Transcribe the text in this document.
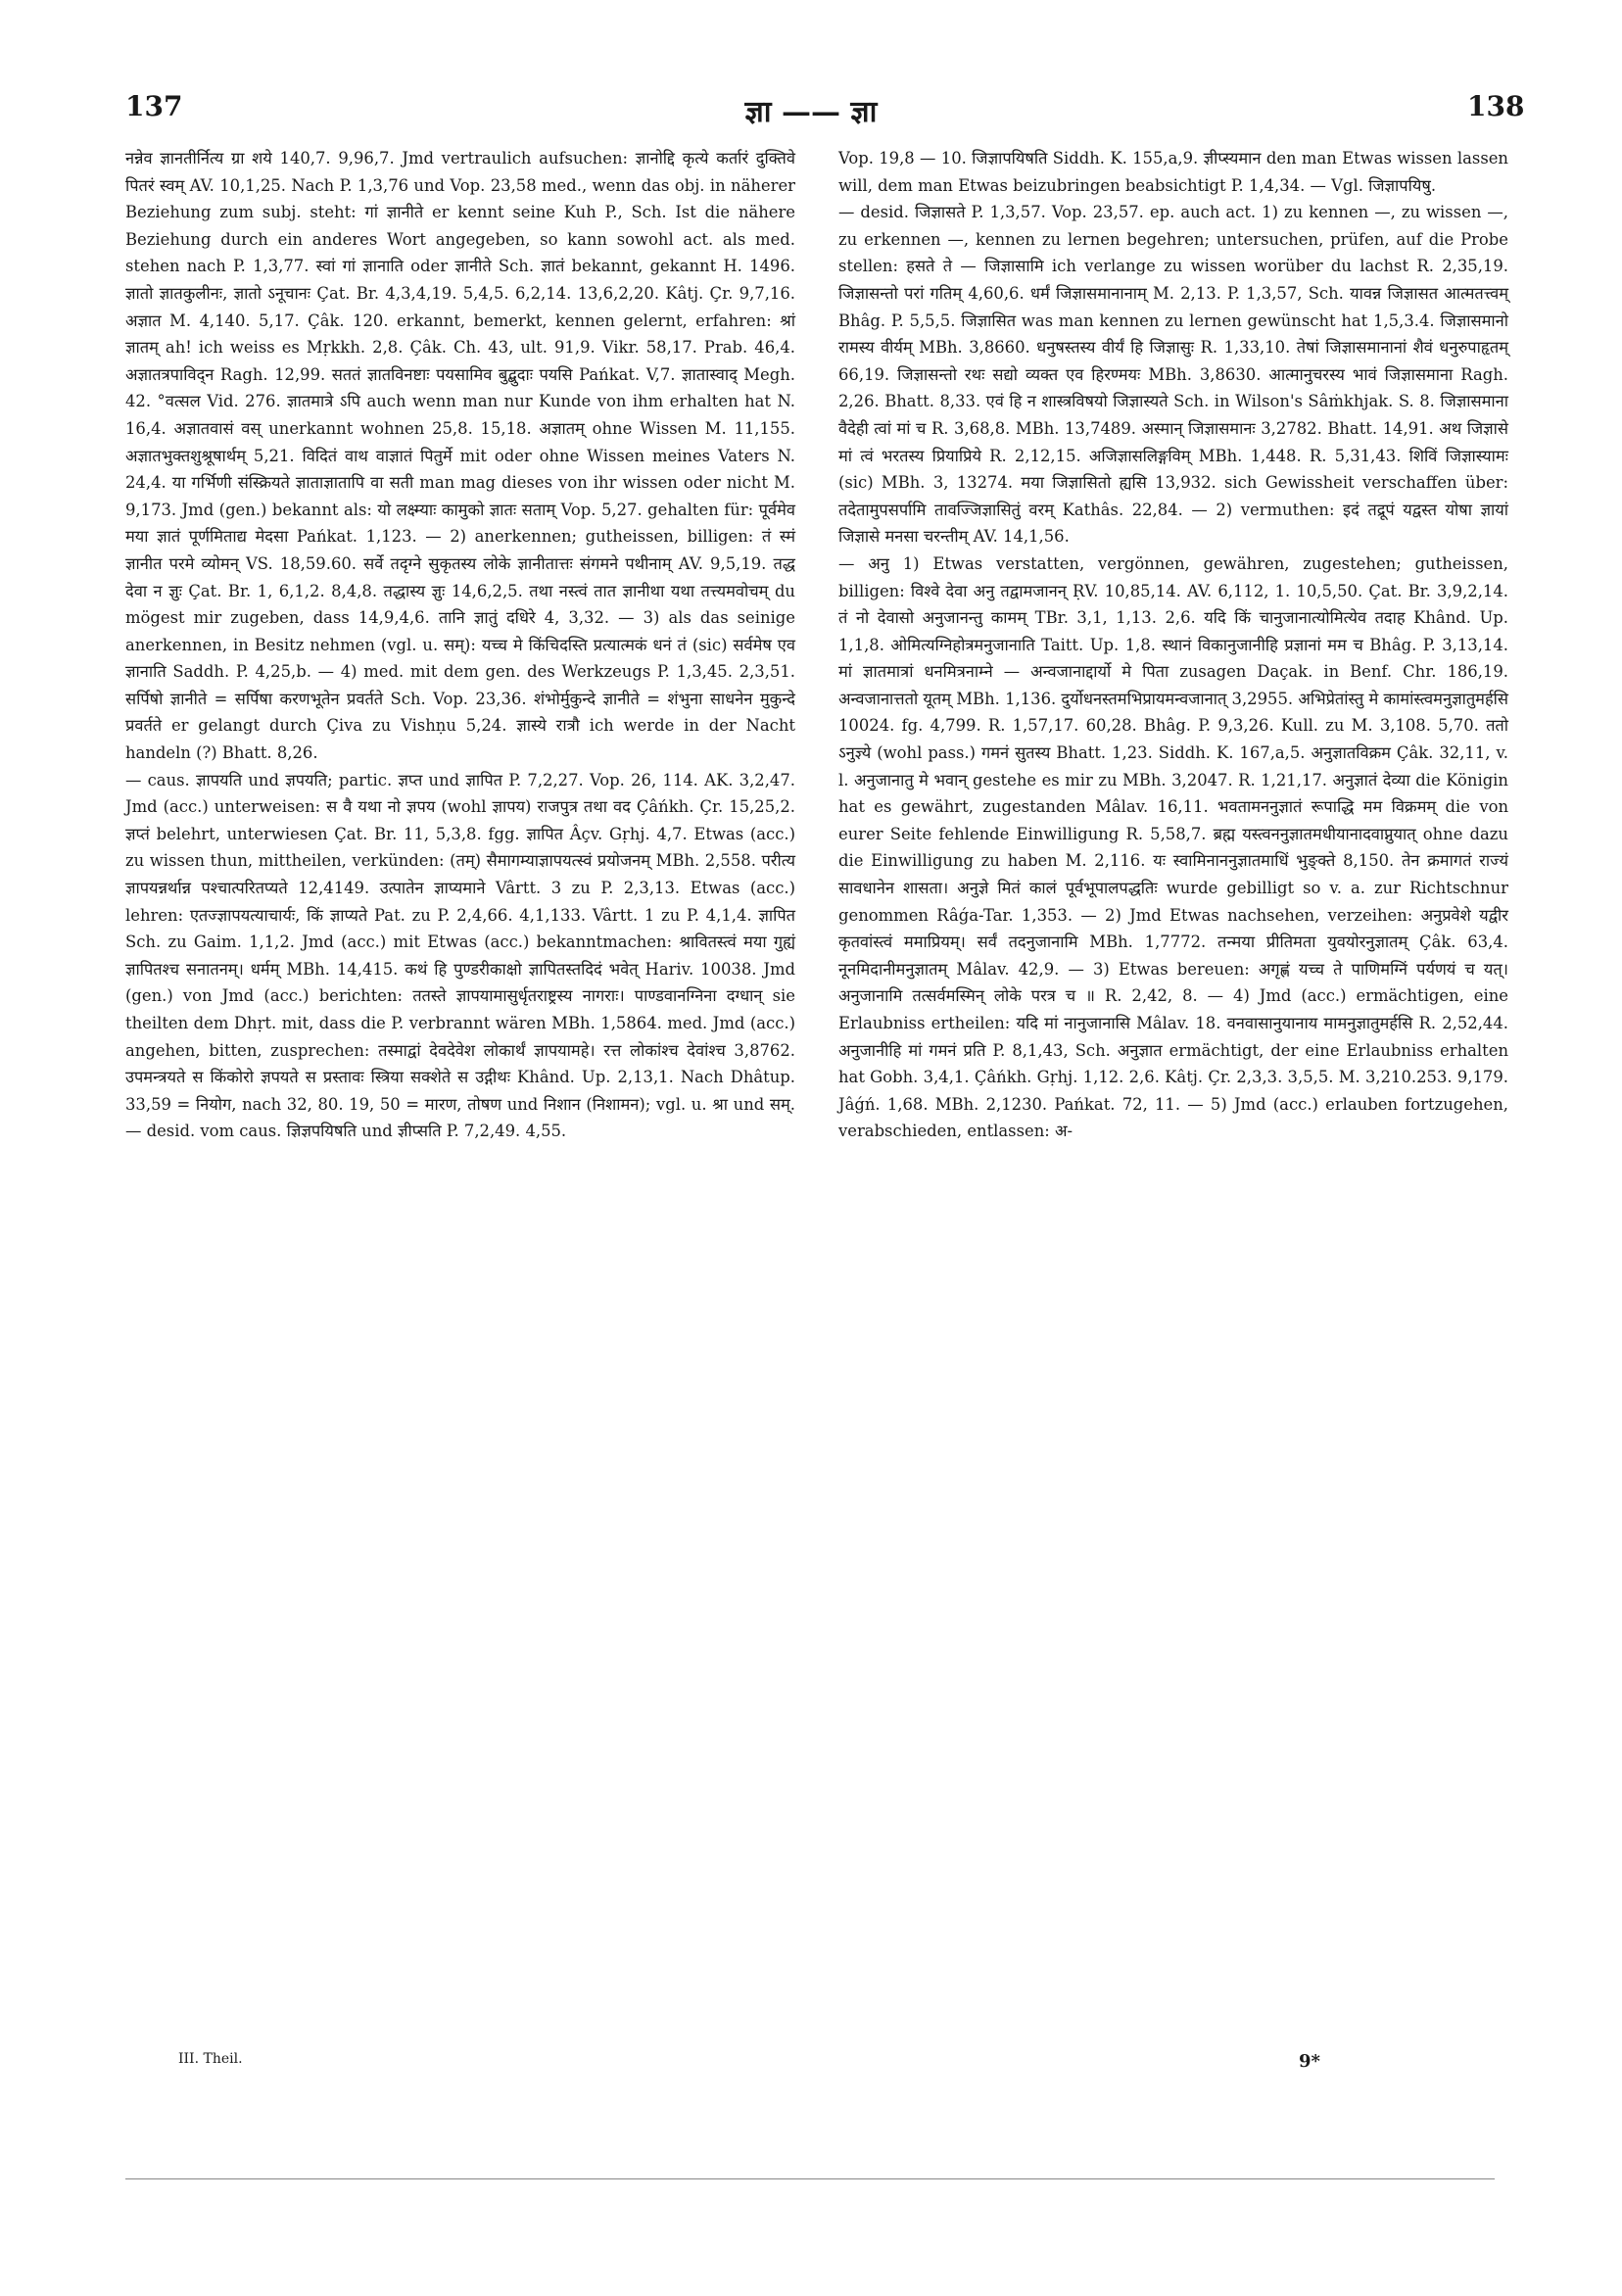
137	ज्ञा —— ज्ञा	138

नन्नेव ज्ञानतीर्नित्य ग्रा शये 140,7. 9,96,7. Jmd vertraulich aufsuchen: ज्ञानोद्दि कृत्ये कर्तारं दुक्तिवे पितरं स्वम् AV. 10,1,25. Nach P. 1,3,76 und Vop. 23,58 med., wenn das obj. in näherer Beziehung zum subj. steht: गां ज्ञानीते er kennt seine Kuh P., Sch. Ist die nähere Beziehung durch ein anderes Wort angegeben, so kann sowohl act. als med. stehen nach P. 1,3,77. स्वां गां ज्ञानाति oder ज्ञानीते Sch. ज्ञातं bekannt, gekannt H. 1496. ज्ञातो ज्ञातकुलीनः, ज्ञातो ऽनूचानः Çat. Br. 4,3,4,19. 5,4,5. 6,2,14. 13,6,2,20. Kâtj. Çr. 9,7,16. अज्ञात M. 4,140. 5,17. Çâk. 120. erkannt, bemerkt, kennen gelernt, erfahren: श्रां ज्ञातम् ah! ich weiss es Mṛkkh. 2,8. Çâk. Ch. 43, ult. 91,9. Vikr. 58,17. Prab. 46,4. अज्ञातत्रपाविद्न Ragh. 12,99. सततं ज्ञातविनष्टाः पयसामिव बुद्बुदाः पयसि Pańkat. V,7. ज्ञातास्वाद् Megh. 42. °वत्सल Vid. 276. ज्ञातमात्रे ऽपि auch wenn man nur Kunde von ihm erhalten hat N. 16,4. अज्ञातवासं वस् unerkannt wohnen 25,8. 15,18. अज्ञातम् ohne Wissen M. 11,155. अज्ञातभुक्तशुश्रूषार्थम् 5,21. विदितं वाथ वाज्ञातं पितुर्मे mit oder ohne Wissen meines Vaters N. 24,4. या गर्भिणी संस्क्रियते ज्ञाताज्ञातापि वा सती man mag dieses von ihr wissen oder nicht M. 9,173. Jmd (gen.) bekannt als: यो लक्ष्म्याः कामुको ज्ञातः सताम् Vop. 5,27. gehalten für: पूर्वमेव मया ज्ञातं पूर्णमिताद्य मेदसा Pańkat. 1,123. — 2) anerkennen; gutheissen, billigen: तं स्मं ज्ञानीत परमे व्योमन् VS. 18,59.60. सर्वे तदृग्ने सुकृतस्य लोके ज्ञानीतात्तः संगमने पथीनाम् AV. 9,5,19. तद्ध देवा न ज्ञुः Çat. Br. 1, 6,1,2. 8,4,8. तद्धास्य ज्ञुः 14,6,2,5. तथा नस्त्वं तात ज्ञानीथा यथा तत्त्यमवोचम् du mögest mir zugeben, dass 14,9,4,6. तानि ज्ञातुं दधिरे 4, 3,32. — 3) als das seinige anerkennen, in Besitz nehmen (vgl. u. सम्): यच्च मे किंचिदस्ति प्रत्यात्मकं धनं तं (sic) सर्वमेष एव ज्ञानाति Saddh. P. 4,25,b. — 4) med. mit dem gen. des Werkzeugs P. 1,3,45. 2,3,51. सर्पिषो ज्ञानीते = सर्पिषा करणभूतेन प्रवर्तते Sch. Vop. 23,36. शंभोर्मुकुन्दे ज्ञानीते = शंभुना साधनेन मुकुन्दे प्रवर्तते er gelangt durch Çiva zu Vishṇu 5,24. ज्ञास्ये रात्रौ ich werde in der Nacht handeln (?) Bhatt. 8,26.

— caus. ज्ञापयति und ज्ञपयति; partic. ज्ञप्त und ज्ञापित P. 7,2,27. Vop. 26, 114. AK. 3,2,47. Jmd (acc.) unterweisen: स वै यथा नो ज्ञपय (wohl ज्ञापय) राजपुत्र तथा वद Çâńkh. Çr. 15,25,2. ज्ञप्तं belehrt, unterwiesen Çat. Br. 11, 5,3,8. fgg. ज्ञापित Âçv. Gṛhj. 4,7. Etwas (acc.) zu wissen thun, mittheilen, verkünden: (तम्) सैमागम्याज्ञापयत्स्वं प्रयोजनम् MBh. 2,558. परीत्य ज्ञापयन्नर्थान्न पश्चात्परितप्यते 12,4149. उत्पातेन ज्ञाप्यमाने Vârtt. 3 zu P. 2,3,13. Etwas (acc.) lehren: एतज्ज्ञापयत्याचार्यः, किं ज्ञाप्यते Pat. zu P. 2,4,66. 4,1,133. Vârtt. 1 zu P. 4,1,4. ज्ञापित Sch. zu Gaim. 1,1,2. Jmd (acc.) mit Etwas (acc.) bekanntmachen: श्रावितस्त्वं मया गुह्यं ज्ञापितश्च सनातनम्। धर्मम् MBh. 14,415. कथं हि पुण्डरीकाक्षो ज्ञापितस्तदिदं भवेत् Hariv. 10038. Jmd (gen.) von Jmd (acc.) berichten: ततस्ते ज्ञापयामासुर्धृतराष्ट्रस्य नागराः। पाण्डवानग्निना दग्धान् sie theilten dem Dhṛt. mit, dass die P. verbrannt wären MBh. 1,5864. med. Jmd (acc.) angehen, bitten, zusprechen: तस्माद्वां देवदेवेश लोकार्थं ज्ञापयामहे। रत्त लोकांश्च देवांश्च 3,8762. उपमन्त्रयते स किंकोरो ज्ञपयते स प्रस्तावः स्त्रिया सक्शेते स उद्गीथः Khând. Up. 2,13,1. Nach Dhâtup. 33,59 = नियोग, nach 32, 80. 19, 50 = मारण, तोषण und निशान (निशामन); vgl. u. श्रा und सम्. — desid. vom caus. ज्ञिज्ञपयिषति und ज्ञीप्सति P. 7,2,49. 4,55.

Vop. 19,8 — 10. जिज्ञापयिषति Siddh. K. 155,a,9. ज्ञीप्स्यमान den man Etwas wissen lassen will, dem man Etwas beizubringen beabsichtigt P. 1,4,34. — Vgl. जिज्ञापयिषु.

— desid. जिज्ञासते P. 1,3,57. Vop. 23,57. ep. auch act. 1) zu kennen —, zu wissen —, zu erkennen —, kennen zu lernen begehren; untersuchen, prüfen, auf die Probe stellen: हसते ते — जिज्ञासामि ich verlange zu wissen worüber du lachst R. 2,35,19. जिज्ञासन्तो परां गतिम् 4,60,6. धर्मं जिज्ञासमानानाम् M. 2,13. P. 1,3,57, Sch. यावन्न जिज्ञासत आत्मतत्त्वम् Bhâg. P. 5,5,5. जिज्ञासित was man kennen zu lernen gewünscht hat 1,5,3.4. जिज्ञासमानो रामस्य वीर्यम् MBh. 3,8660. धनुषस्तस्य वीर्यं हि जिज्ञासुः R. 1,33,10. तेषां जिज्ञासमानानां शैवं धनुरुपाहृतम् 66,19. जिज्ञासन्तो रथः सद्यो व्यक्त एव हिरण्मयः MBh. 3,8630. आत्मानुचरस्य भावं जिज्ञासमाना Ragh. 2,26. Bhatt. 8,33. एवं हि न शास्त्रविषयो जिज्ञास्यते Sch. in Wilson's Sâṁkhjak. S. 8. जिज्ञासमाना वैदेही त्वां मां च R. 3,68,8. MBh. 13,7489. अस्मान् जिज्ञासमानः 3,2782. Bhatt. 14,91. अथ जिज्ञासे मां त्वं भरतस्य प्रियाप्रिये R. 2,12,15. अजिज्ञासलिङ्गविम् MBh. 1,448. R. 5,31,43. शिविं जिज्ञास्यामः (sic) MBh. 3, 13274. मया जिज्ञासितो ह्यसि 13,932. sich Gewissheit verschaffen über: तदेतामुपसर्पामि तावज्जिज्ञासितुं वरम् Kathâs. 22,84. — 2) vermuthen: इदं तद्रूपं यद्वस्त योषा ज्ञायां जिज्ञासे मनसा चरन्तीम् AV. 14,1,56.

— अनु 1) Etwas verstatten, vergönnen, gewähren, zugestehen; gutheissen, billigen: विश्वे देवा अनु तद्वामजानन् ṚV. 10,85,14. AV. 6,112, 1. 10,5,50. Çat. Br. 3,9,2,14. तं नो देवासो अनुजानन्तु कामम् TBr. 3,1, 1,13. 2,6. यदि किं चानुजानात्योमित्येव तदाह Khând. Up. 1,1,8. ओमित्यग्निहोत्रमनुजानाति Taitt. Up. 1,8. स्थानं विकानुजानीहि प्रज्ञानां मम च Bhâg. P. 3,13,14. मां ज्ञातमात्रां धनमित्रनाम्ने — अन्वजानाद्दार्यो मे पिता zusagen Daçak. in Benf. Chr. 186,19. अन्वजानात्ततो यूतम् MBh. 1,136. दुर्योधनस्तमभिप्रायमन्वजानात् 3,2955. अभिप्रेतांस्तु मे कामांस्त्वमनुज्ञातुमर्हसि 10024. fg. 4,799. R. 1,57,17. 60,28. Bhâg. P. 9,3,26. Kull. zu M. 3,108. 5,70. ततो ऽनुज्ञ्ये (wohl pass.) गमनं सुतस्य Bhatt. 1,23. Siddh. K. 167,a,5. अनुज्ञातविक्रम Çâk. 32,11, v. l. अनुजानातु मे भवान् gestehe es mir zu MBh. 3,2047. R. 1,21,17. अनुज्ञातं देव्या die Königin hat es gewährt, zugestanden Mâlav. 16,11. भवतामननुज्ञातं रूपाद्धि मम विक्रमम् die von eurer Seite fehlende Einwilligung R. 5,58,7. ब्रह्म यस्त्वननुज्ञातमधीयानादवाप्नुयात् ohne dazu die Einwilligung zu haben M. 2,116. यः स्वामिनाननुज्ञातमाधिं भुङ्क्ते 8,150. तेन क्रमागतं राज्यं सावधानेन शासता। अनुज्ञे मितं कालं पूर्वभूपालपद्धतिः wurde gebilligt so v. a. zur Richtschnur genommen Râǵa-Tar. 1,353. — 2) Jmd Etwas nachsehen, verzeihen: अनुप्रवेशे यद्वीर कृतवांस्त्वं ममाप्रियम्। सर्वं तदनुजानामि MBh. 1,7772. तन्मया प्रीतिमता युवयोरनुज्ञातम् Çâk. 63,4. नूनमिदानीमनुज्ञातम् Mâlav. 42,9. — 3) Etwas bereuen: अगृह्णं यच्च ते पाणिमग्निं पर्यणयं च यत्। अनुजानामि तत्सर्वमस्मिन् लोके परत्र च ॥ R. 2,42, 8. — 4) Jmd (acc.) ermächtigen, eine Erlaubniss ertheilen: यदि मां नानुजानासि Mâlav. 18. वनवासानुयानाय मामनुज्ञातुमर्हसि R. 2,52,44. अनुजानीहि मां गमनं प्रति P. 8,1,43, Sch. अनुज्ञात ermächtigt, der eine Erlaubniss erhalten hat Gobh. 3,4,1. Çâńkh. Gṛhj. 1,12. 2,6. Kâtj. Çr. 2,3,3. 3,5,5. M. 3,210.253. 9,179. Jâǵń. 1,68. MBh. 2,1230. Pańkat. 72, 11. — 5) Jmd (acc.) erlauben fortzugehen, verabschieden, entlassen: अ-

III. Theil.	9*
